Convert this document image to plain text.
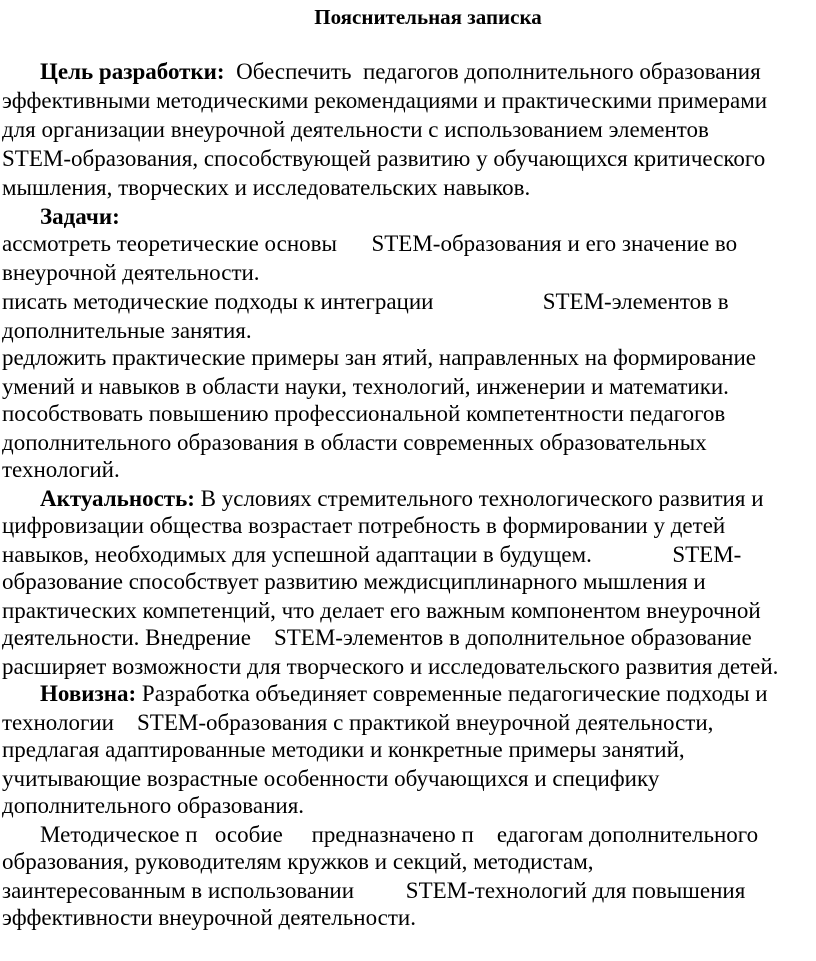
Пояснительная записка
Цель разработки:  Обеспечить  педагогов дополнительного образования
эффективными методическими рекомендациями и практическими примерами
для организации внеурочной деятельности с использованием элементов
STEM-образования, способствующей развитию у обучающихся критического
мышления, творческих и исследовательских навыков.
Задачи:
ассмотреть теоретические основы      STEM-образования и его значение во
внеурочной деятельности.
писать методические подходы к интеграции                   STEM-элементов в
дополнительные занятия.
редложить практические примеры зан ятий, направленных на формирование
умений и навыков в области науки, технологий, инженерии и математики.
пособствовать повышению профессиональной компетентности педагогов
дополнительного образования в области современных образовательных
технологий.
Актуальность: В условиях стремительного технологического развития и
цифровизации общества возрастает потребность в формировании у детей
навыков, необходимых для успешной адаптации в будущем.              STEM-
образование способствует развитию междисциплинарного мышления и
практических компетенций, что делает его важным компонентом внеурочной
деятельности. Внедрение    STEM-элементов в дополнительное образование
расширяет возможности для творческого и исследовательского развития детей.
Новизна: Разработка объединяет современные педагогические подходы и
технологии    STEM-образования с практикой внеурочной деятельности,
предлагая адаптированные методики и конкретные примеры занятий,
учитывающие возрастные особенности обучающихся и специфику
дополнительного образования.
Методическое п   особие     предназначено п    едагогам дополнительного
образования, руководителям кружков и секций, методистам,
заинтересованным в использовании         STEM-технологий для повышения
эффективности внеурочной деятельности.
